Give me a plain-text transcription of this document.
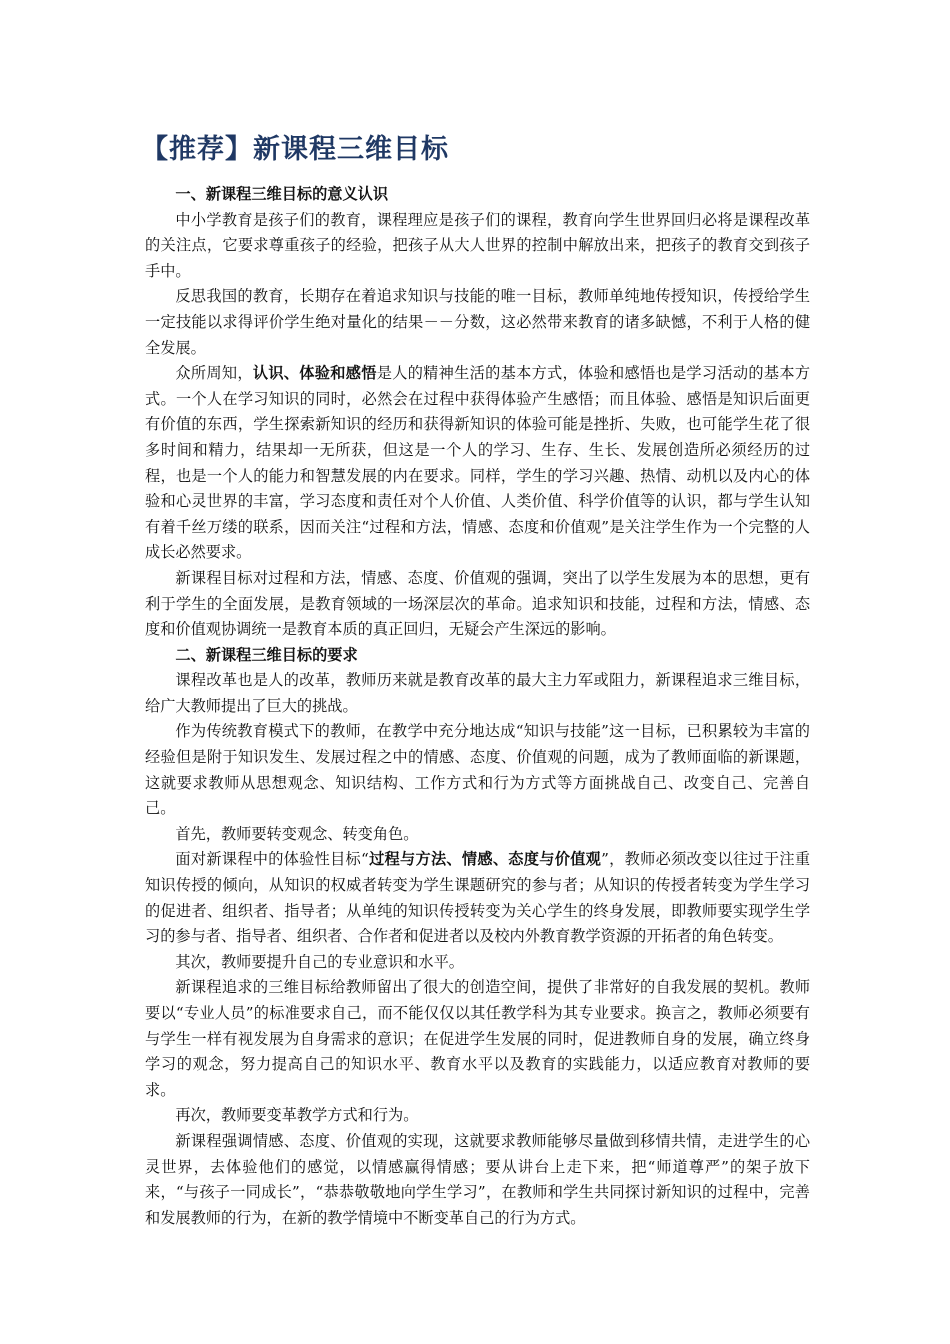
【推荐】新课程三维目标

一、新课程三维目标的意义认识

中小学教育是孩子们的教育，课程理应是孩子们的课程，教育向学生世界回归必将是课程改革的关注点，它要求尊重孩子的经验，把孩子从大人世界的控制中解放出来，把孩子的教育交到孩子手中。

反思我国的教育，长期存在着追求知识与技能的唯一目标，教师单纯地传授知识，传授给学生一定技能以求得评价学生绝对量化的结果－－分数，这必然带来教育的诸多缺憾，不利于人格的健全发展。

众所周知，认识、体验和感悟是人的精神生活的基本方式，体验和感悟也是学习活动的基本方式。一个人在学习知识的同时，必然会在过程中获得体验产生感悟；而且体验、感悟是知识后面更有价值的东西，学生探索新知识的经历和获得新知识的体验可能是挫折、失败，也可能学生花了很多时间和精力，结果却一无所获，但这是一个人的学习、生存、生长、发展创造所必须经历的过程，也是一个人的能力和智慧发展的内在要求。同样，学生的学习兴趣、热情、动机以及内心的体验和心灵世界的丰富，学习态度和责任对个人价值、人类价值、科学价值等的认识，都与学生认知有着千丝万缕的联系，因而关注“过程和方法，情感、态度和价值观”是关注学生作为一个完整的人成长必然要求。

新课程目标对过程和方法，情感、态度、价值观的强调，突出了以学生发展为本的思想，更有利于学生的全面发展，是教育领域的一场深层次的革命。追求知识和技能，过程和方法，情感、态度和价值观协调统一是教育本质的真正回归，无疑会产生深远的影响。

二、新课程三维目标的要求

课程改革也是人的改革，教师历来就是教育改革的最大主力军或阻力，新课程追求三维目标，给广大教师提出了巨大的挑战。

作为传统教育模式下的教师，在教学中充分地达成“知识与技能”这一目标，已积累较为丰富的经验但是附于知识发生、发展过程之中的情感、态度、价值观的问题，成为了教师面临的新课题，这就要求教师从思想观念、知识结构、工作方式和行为方式等方面挑战自己、改变自己、完善自己。

首先，教师要转变观念、转变角色。

面对新课程中的体验性目标“过程与方法、情感、态度与价值观”，教师必须改变以往过于注重知识传授的倾向，从知识的权威者转变为学生课题研究的参与者；从知识的传授者转变为学生学习的促进者、组织者、指导者；从单纯的知识传授转变为关心学生的终身发展，即教师要实现学生学习的参与者、指导者、组织者、合作者和促进者以及校内外教育教学资源的开拓者的角色转变。

其次，教师要提升自己的专业意识和水平。

新课程追求的三维目标给教师留出了很大的创造空间，提供了非常好的自我发展的契机。教师要以“专业人员”的标准要求自己，而不能仅仅以其任教学科为其专业要求。换言之，教师必须要有与学生一样有视发展为自身需求的意识；在促进学生发展的同时，促进教师自身的发展，确立终身学习的观念，努力提高自己的知识水平、教育水平以及教育的实践能力，以适应教育对教师的要求。

再次，教师要变革教学方式和行为。

新课程强调情感、态度、价值观的实现，这就要求教师能够尽量做到移情共情，走进学生的心灵世界，去体验他们的感觉，以情感赢得情感；要从讲台上走下来，把“师道尊严”的架子放下来，“与孩子一同成长”，“恭恭敬敬地向学生学习”，在教师和学生共同探讨新知识的过程中，完善和发展教师的行为，在新的教学情境中不断变革自己的行为方式。
